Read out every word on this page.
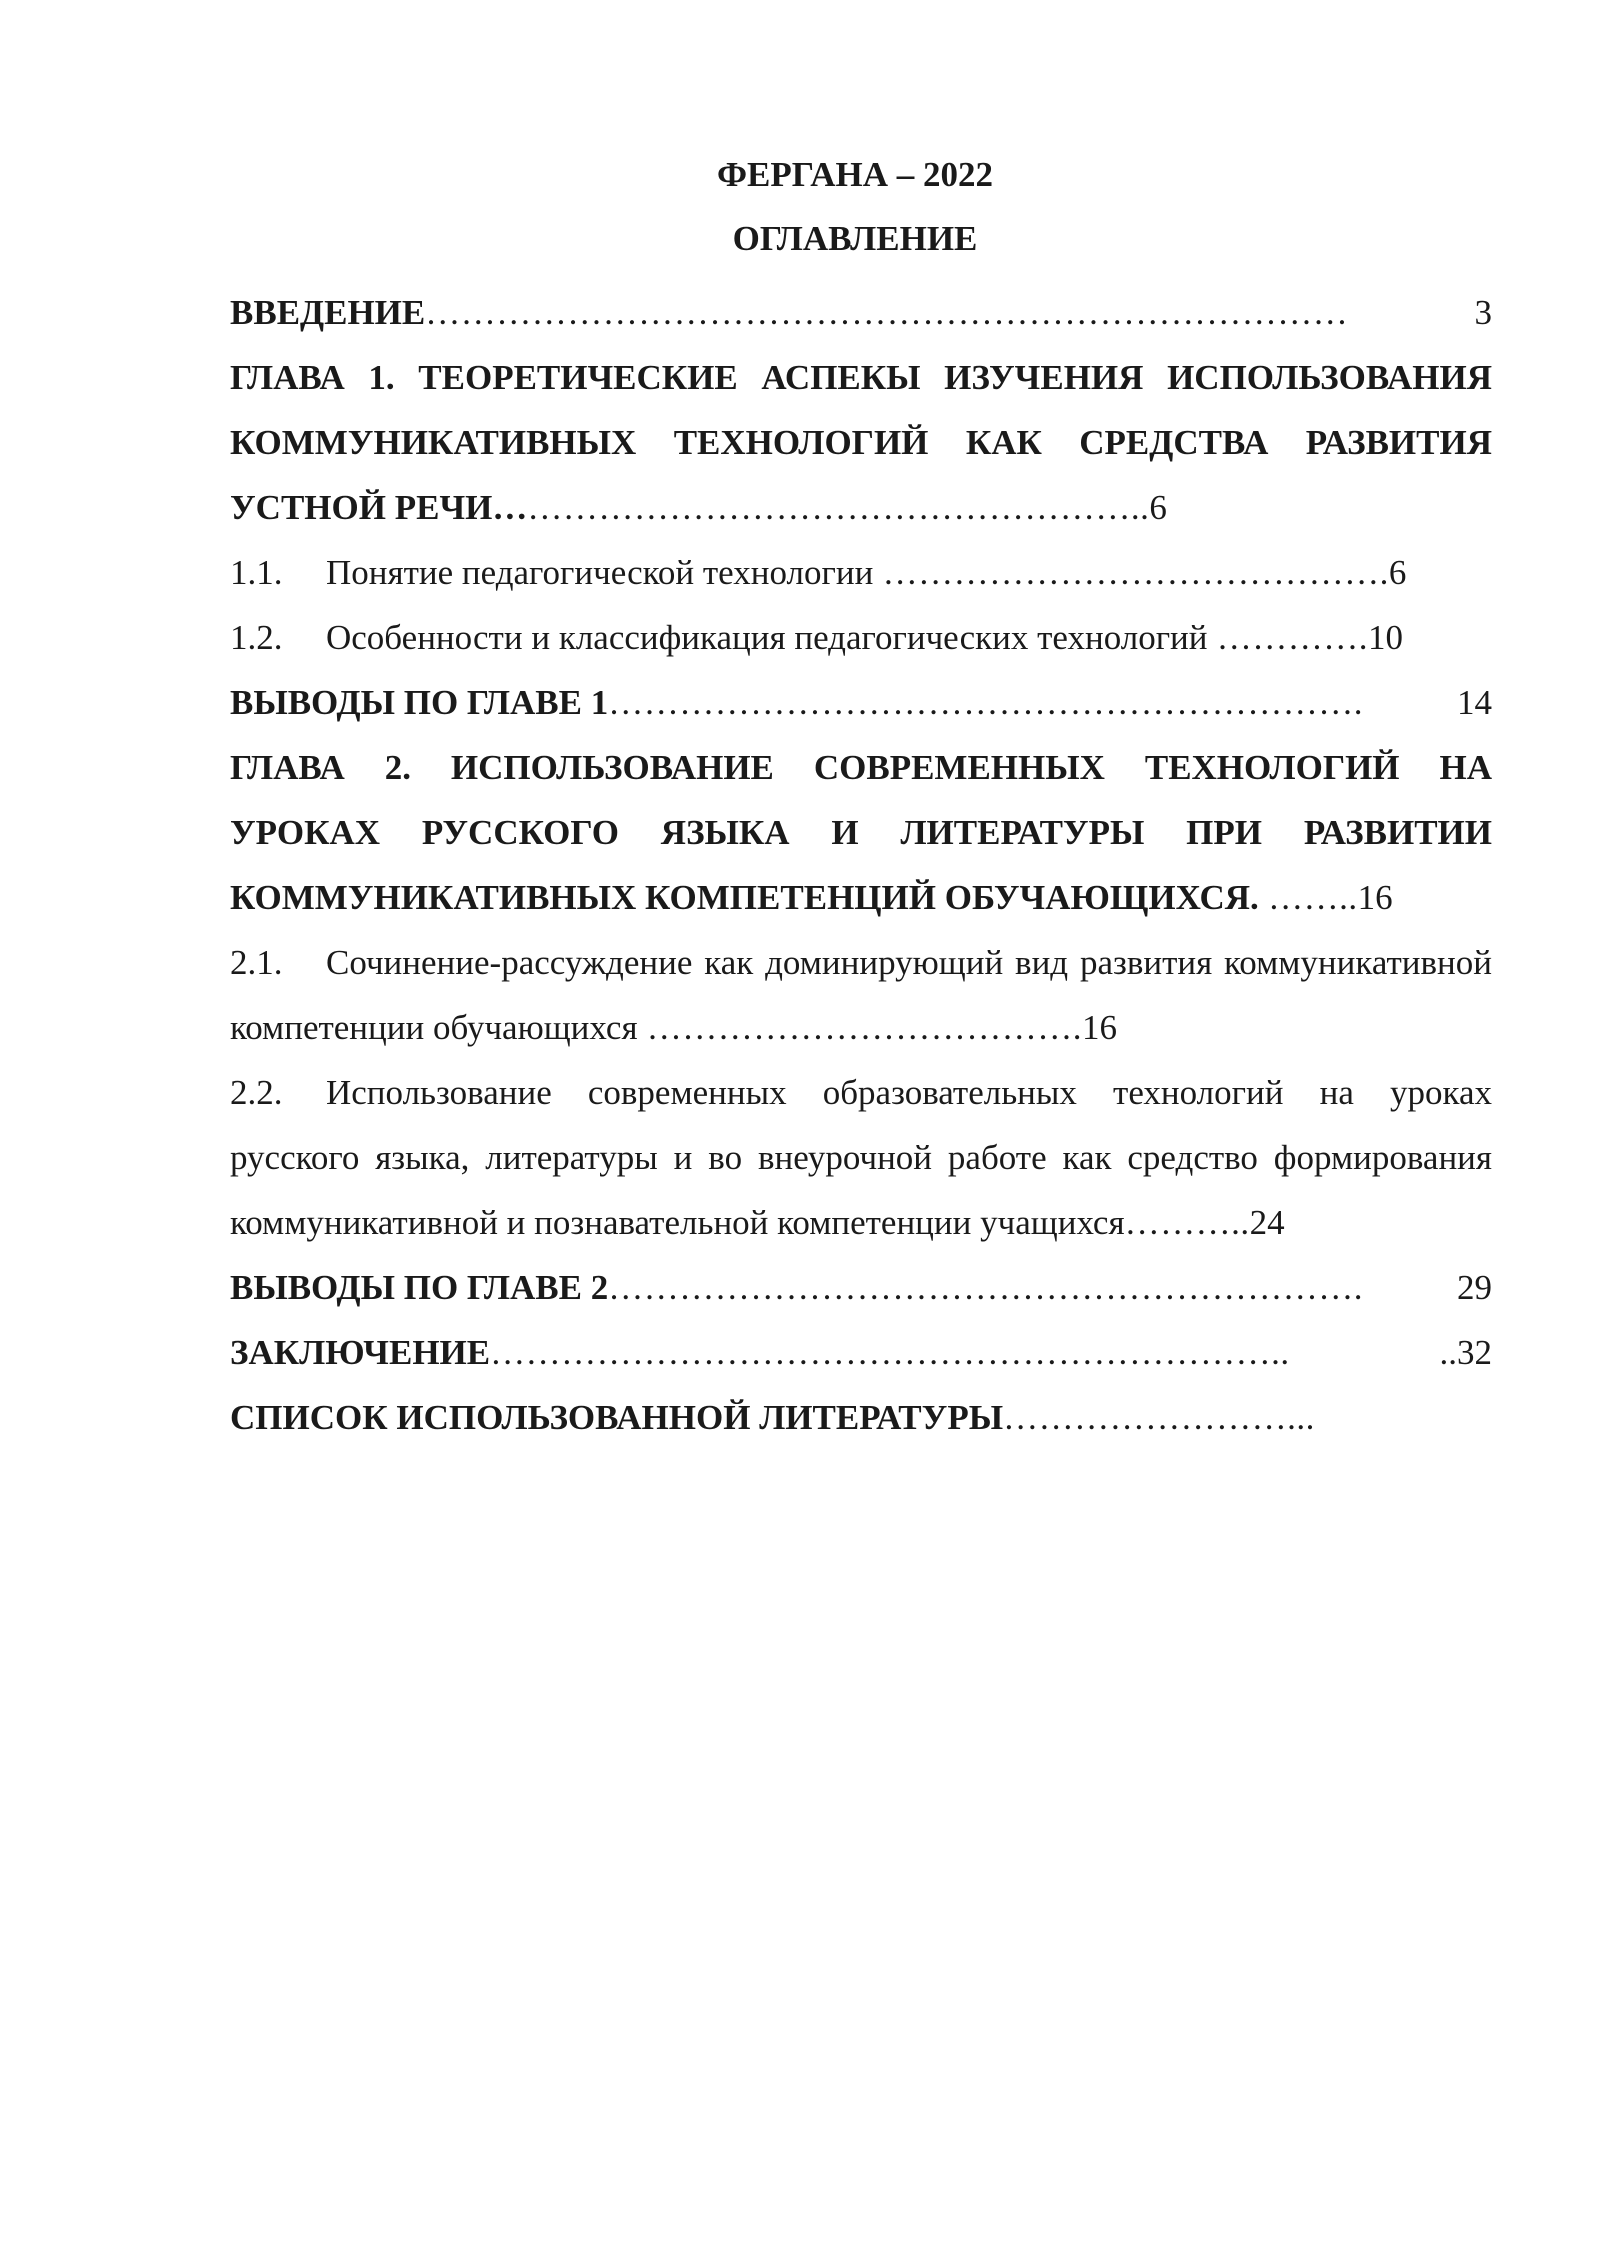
ФЕРГАНА – 2022
ОГЛАВЛЕНИЕ

ВВЕДЕНИЕ ……………………………………………………………………	3

ГЛАВА 1. ТЕОРЕТИЧЕСКИЕ АСПЕКЫ ИЗУЧЕНИЯ ИСПОЛЬЗОВАНИЯ КОММУНИКАТИВНЫХ ТЕХНОЛОГИЙ КАК СРЕДСТВА РАЗВИТИЯ УСТНОЙ РЕЧИ………………………………………………..6

1.1. Понятие педагогической технологии …………………………………….6

1.2. Особенности и классификация педагогических технологий ………….10

ВЫВОДЫ ПО ГЛАВЕ 1 ……………………………………………………….	14

ГЛАВА 2. ИСПОЛЬЗОВАНИЕ СОВРЕМЕННЫХ ТЕХНОЛОГИЙ НА УРОКАХ РУССКОГО ЯЗЫКА И ЛИТЕРАТУРЫ ПРИ РАЗВИТИИ КОММУНИКАТИВНЫХ КОМПЕТЕНЦИЙ ОБУЧАЮЩИХСЯ. ……..16

2.1. Сочинение-рассуждение как доминирующий вид развития коммуникативной компетенции обучающихся ……………………………….16

2.2. Использование современных образовательных технологий на уроках русского языка, литературы и во внеурочной работе как средство формирования коммуникативной и познавательной компетенции учащихся………..24

ВЫВОДЫ ПО ГЛАВЕ 2 ……………………………………………………….	29

ЗАКЛЮЧЕНИЕ …………………………………………………………..	..32

СПИСОК ИСПОЛЬЗОВАННОЙ ЛИТЕРАТУРЫ……………………...
